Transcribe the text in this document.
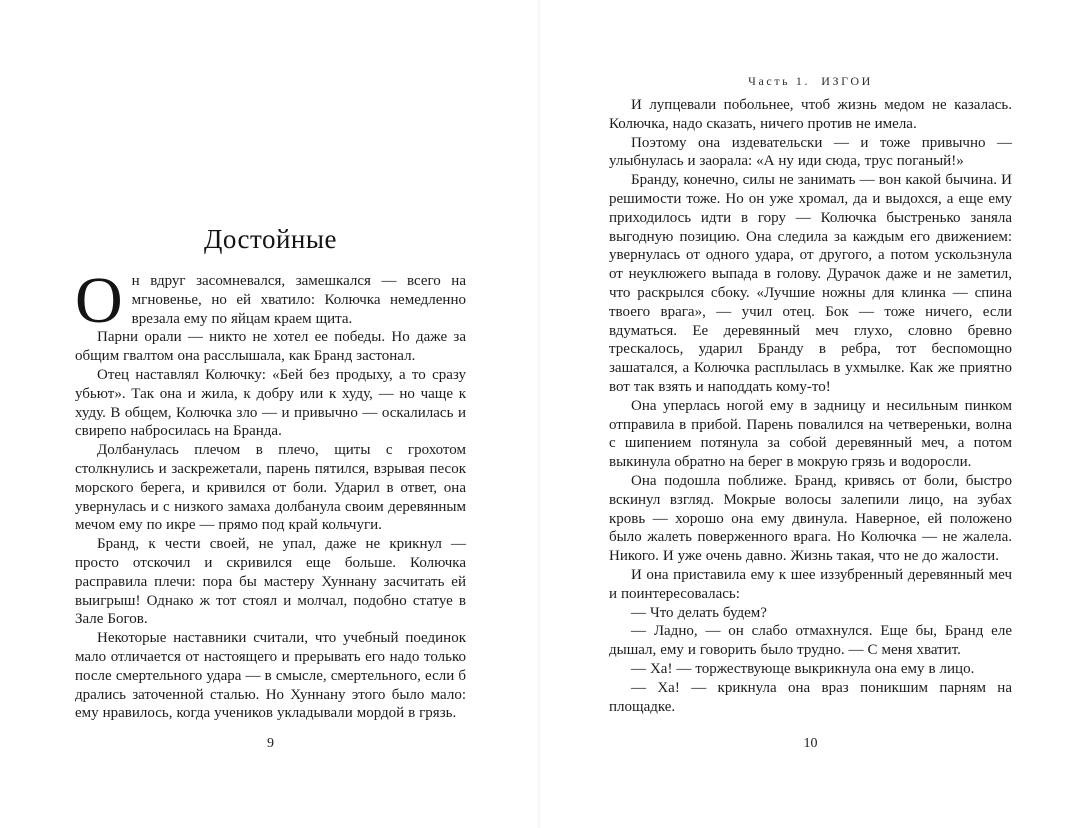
Достойные

Он вдруг засомневался, замешкался — всего на мгновенье, но ей хватило: Колючка немедленно врезала ему по яйцам краем щита.

Парни орали — никто не хотел ее победы. Но даже за общим гвалтом она расслышала, как Бранд застонал.

Отец наставлял Колючку: «Бей без продыху, а то сразу убьют». Так она и жила, к добру или к худу, — но чаще к худу. В общем, Колючка зло — и привычно — оскалилась и свирепо набросилась на Бранда.

Долбанулась плечом в плечо, щиты с грохотом столкнулись и заскрежетали, парень пятился, взрывая песок морского берега, и кривился от боли. Ударил в ответ, она увернулась и с низкого замаха долбанула своим деревянным мечом ему по икре — прямо под край кольчуги.

Бранд, к чести своей, не упал, даже не крикнул — просто отскочил и скривился еще больше. Колючка расправила плечи: пора бы мастеру Хуннану засчитать ей выигрыш! Однако ж тот стоял и молчал, подобно статуе в Зале Богов.

Некоторые наставники считали, что учебный поединок мало отличается от настоящего и прерывать его надо только после смертельного удара — в смысле, смертельного, если б дрались заточенной сталью. Но Хуннану этого было мало: ему нравилось, когда учеников укладывали мордой в грязь.

9
Часть 1.  ИЗГОИ

И лупцевали побольнее, чтоб жизнь медом не казалась. Колючка, надо сказать, ничего против не имела.

Поэтому она издевательски — и тоже привычно — улыбнулась и заорала: «А ну иди сюда, трус поганый!»

Бранду, конечно, силы не занимать — вон какой бычина. И решимости тоже. Но он уже хромал, да и выдохся, а еще ему приходилось идти в гору — Колючка быстренько заняла выгодную позицию. Она следила за каждым его движением: увернулась от одного удара, от другого, а потом ускользнула от неуклюжего выпада в голову. Дурачок даже и не заметил, что раскрылся сбоку. «Лучшие ножны для клинка — спина твоего врага», — учил отец. Бок — тоже ничего, если вдуматься. Ее деревянный меч глухо, словно бревно трескалось, ударил Бранду в ребра, тот беспомощно зашатался, а Колючка расплылась в ухмылке. Как же приятно вот так взять и наподдать кому-то!

Она уперлась ногой ему в задницу и несильным пинком отправила в прибой. Парень повалился на четвереньки, волна с шипением потянула за собой деревянный меч, а потом выкинула обратно на берег в мокрую грязь и водоросли.

Она подошла поближе. Бранд, кривясь от боли, быстро вскинул взгляд. Мокрые волосы залепили лицо, на зубах кровь — хорошо она ему двинула. Наверное, ей положено было жалеть поверженного врага. Но Колючка — не жалела. Никого. И уже очень давно. Жизнь такая, что не до жалости.

И она приставила ему к шее иззубренный деревянный меч и поинтересовалась:

— Что делать будем?

— Ладно, — он слабо отмахнулся. Еще бы, Бранд еле дышал, ему и говорить было трудно. — С меня хватит.

— Ха! — торжествующе выкрикнула она ему в лицо.

— Ха! — крикнула она враз поникшим парням на площадке.

10
